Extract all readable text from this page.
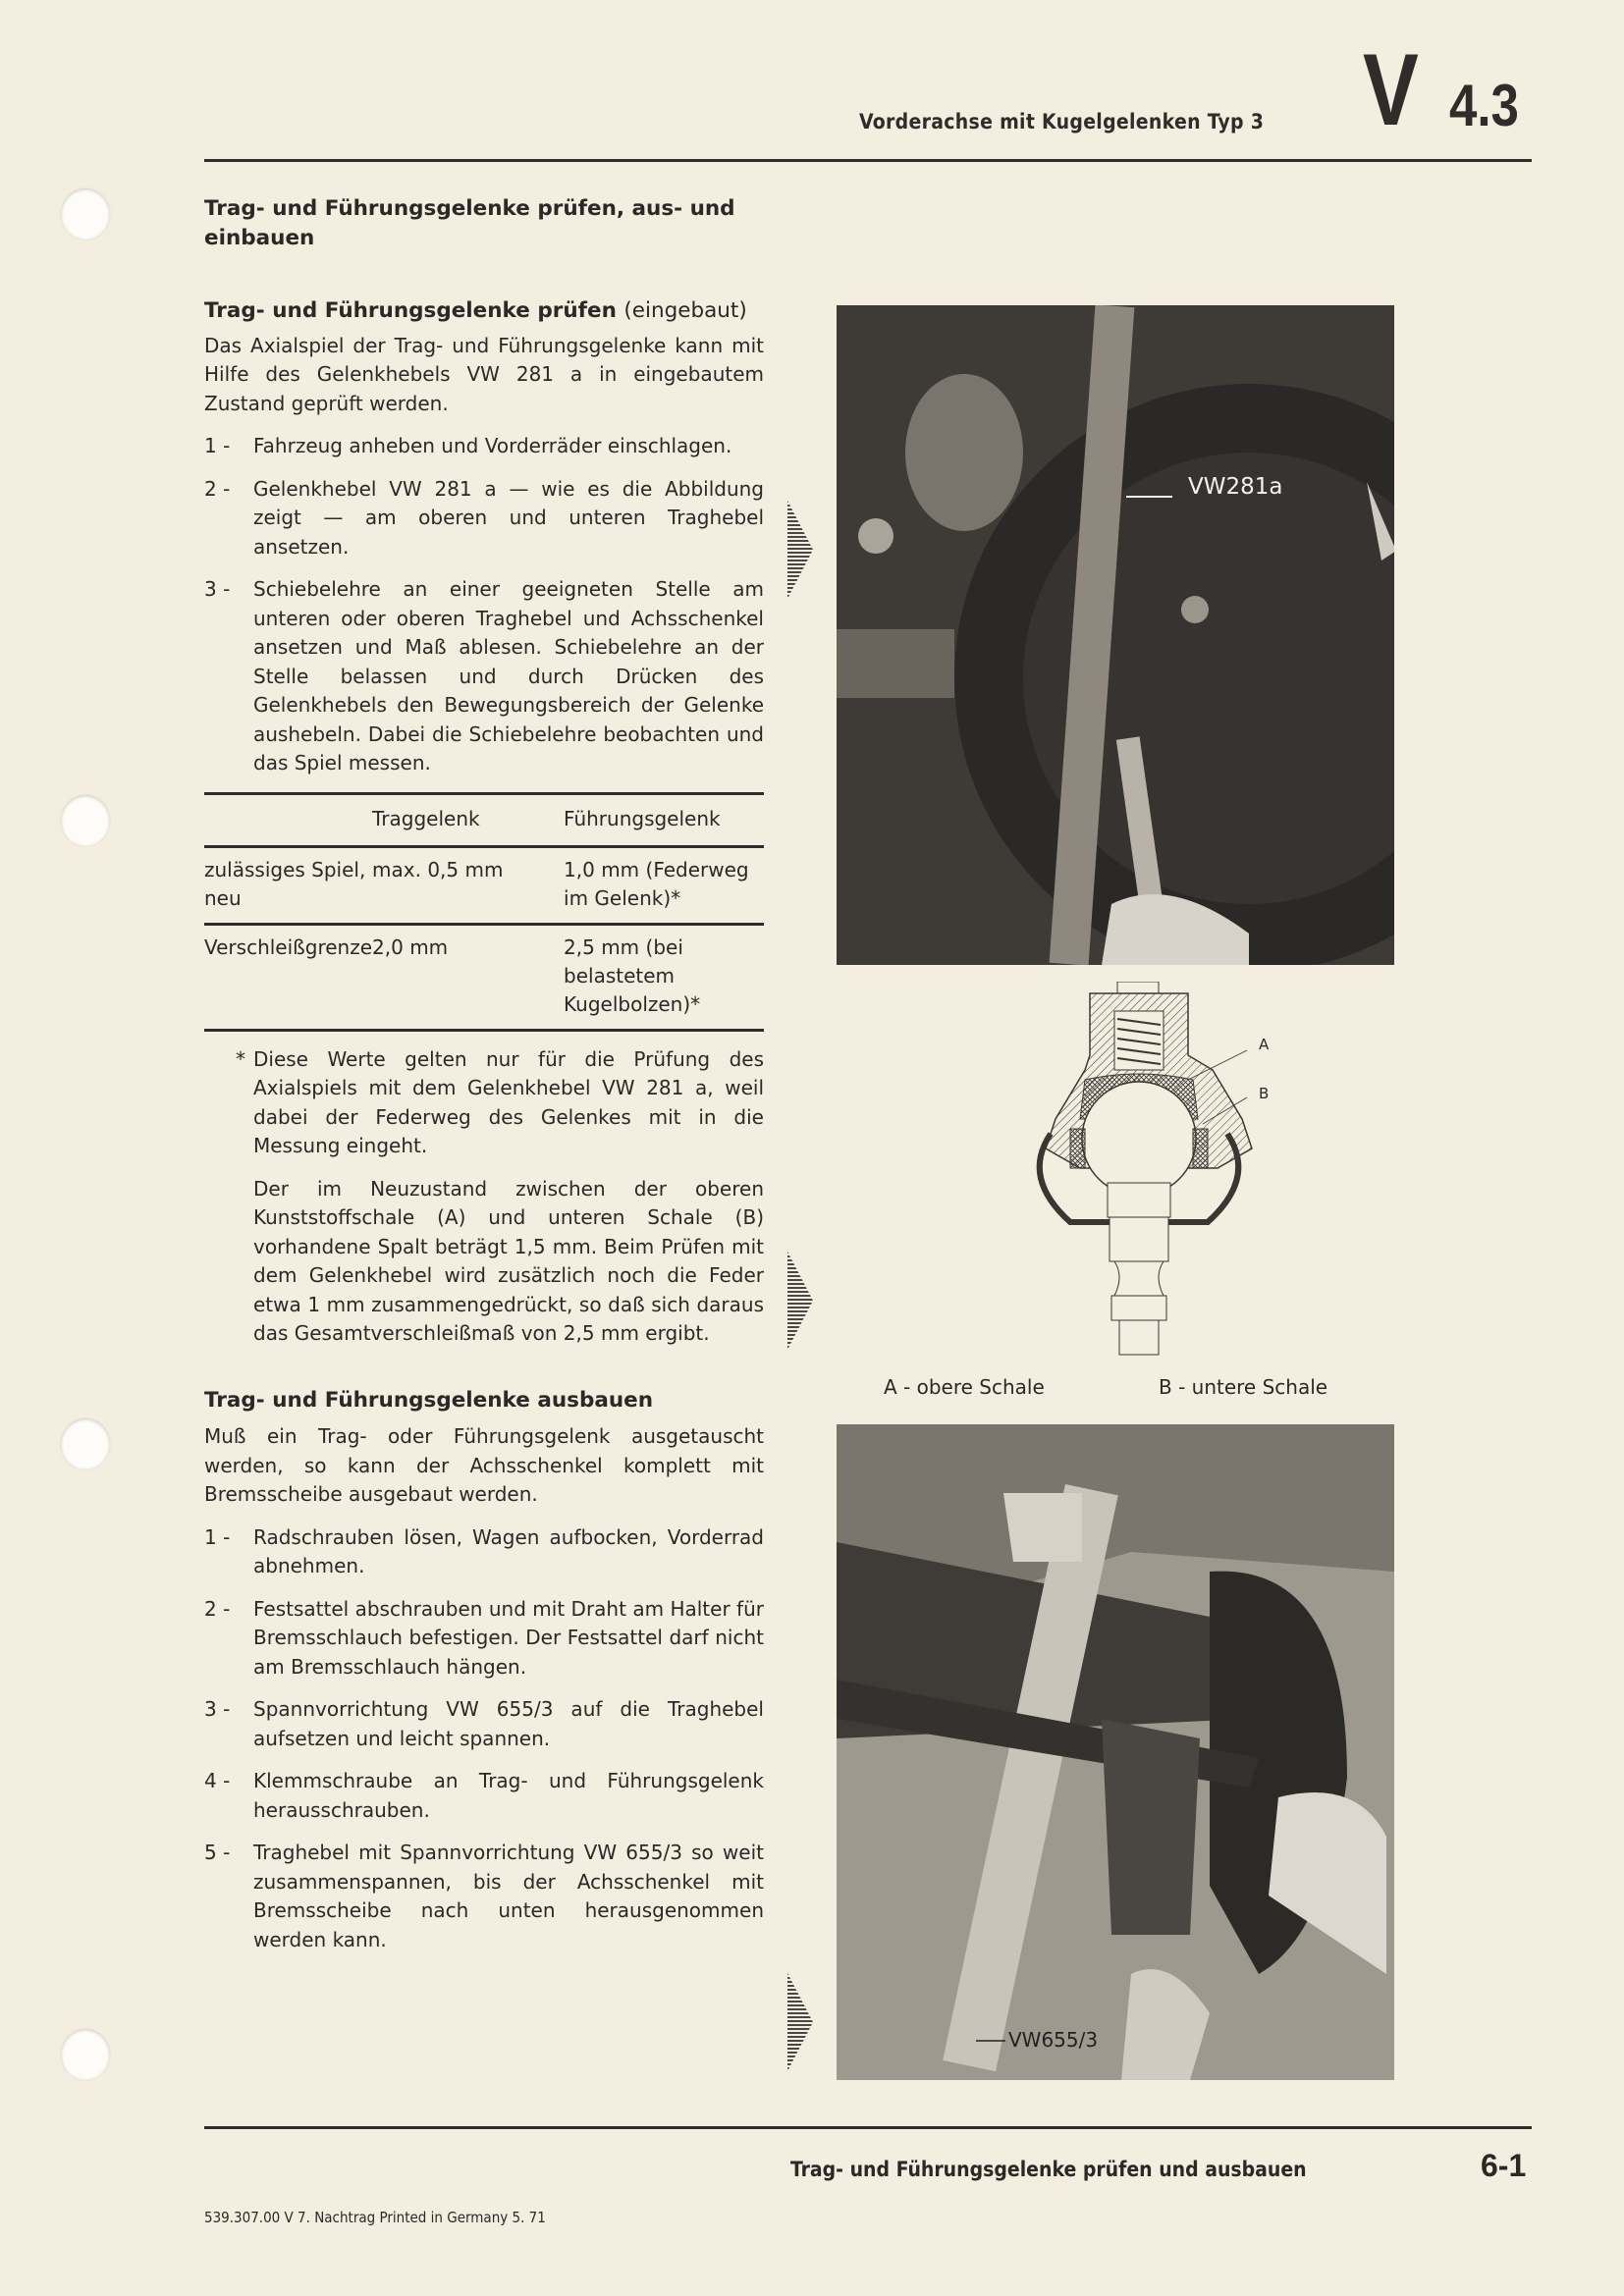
Vorderachse mit Kugelgelenken Typ 3 V 4.3
Trag- und Führungsgelenke prüfen, aus- und einbauen
Trag- und Führungsgelenke prüfen (eingebaut)

Das Axialspiel der Trag- und Führungsgelenke kann mit Hilfe des Gelenkhebels VW 281 a in eingebautem Zustand geprüft werden.

1 -	Fahrzeug anheben und Vorderräder einschlagen.
2 -	Gelenkhebel VW 281 a — wie es die Abbildung zeigt — am oberen und unteren Traghebel ansetzen.
3 -	Schiebelehre an einer geeigneten Stelle am unteren oder oberen Traghebel und Achsschenkel ansetzen und Maß ablesen. Schiebelehre an der Stelle belassen und durch Drücken des Gelenkhebels den Bewegungsbereich der Gelenke aushebeln. Dabei die Schiebelehre beobachten und das Spiel messen.
	Traggelenk	Führungsgelenk
zulässiges Spiel, neu	max. 0,5 mm	1,0 mm (Federweg im Gelenk)*
Verschleißgrenze	2,0 mm	2,5 mm (bei belastetem Kugelbolzen)*
* Diese Werte gelten nur für die Prüfung des Axialspiels mit dem Gelenkhebel VW 281 a, weil dabei der Federweg des Gelenkes mit in die Messung eingeht.
Der im Neuzustand zwischen der oberen Kunststoffschale (A) und unteren Schale (B) vorhandene Spalt beträgt 1,5 mm. Beim Prüfen mit dem Gelenkhebel wird zusätzlich noch die Feder etwa 1 mm zusammengedrückt, so daß sich daraus das Gesamtverschleißmaß von 2,5 mm ergibt.
Trag- und Führungsgelenke ausbauen

Muß ein Trag- oder Führungsgelenk ausgetauscht werden, so kann der Achsschenkel komplett mit Bremsscheibe ausgebaut werden.

1 -	Radschrauben lösen, Wagen aufbocken, Vorderrad abnehmen.
2 -	Festsattel abschrauben und mit Draht am Halter für Bremsschlauch befestigen. Der Festsattel darf nicht am Bremsschlauch hängen.
3 -	Spannvorrichtung VW 655/3 auf die Traghebel aufsetzen und leicht spannen.
4 -	Klemmschraube an Trag- und Führungsgelenk herausschrauben.
5 -	Traghebel mit Spannvorrichtung VW 655/3 so weit zusammenspannen, bis der Achsschenkel mit Bremsscheibe nach unten herausgenommen werden kann.
VW281a
A
B
A - obere Schale	B - untere Schale
VW655/3
Trag- und Führungsgelenke prüfen und ausbauen	6-1
539.307.00 V 7. Nachtrag Printed in Germany 5. 71
